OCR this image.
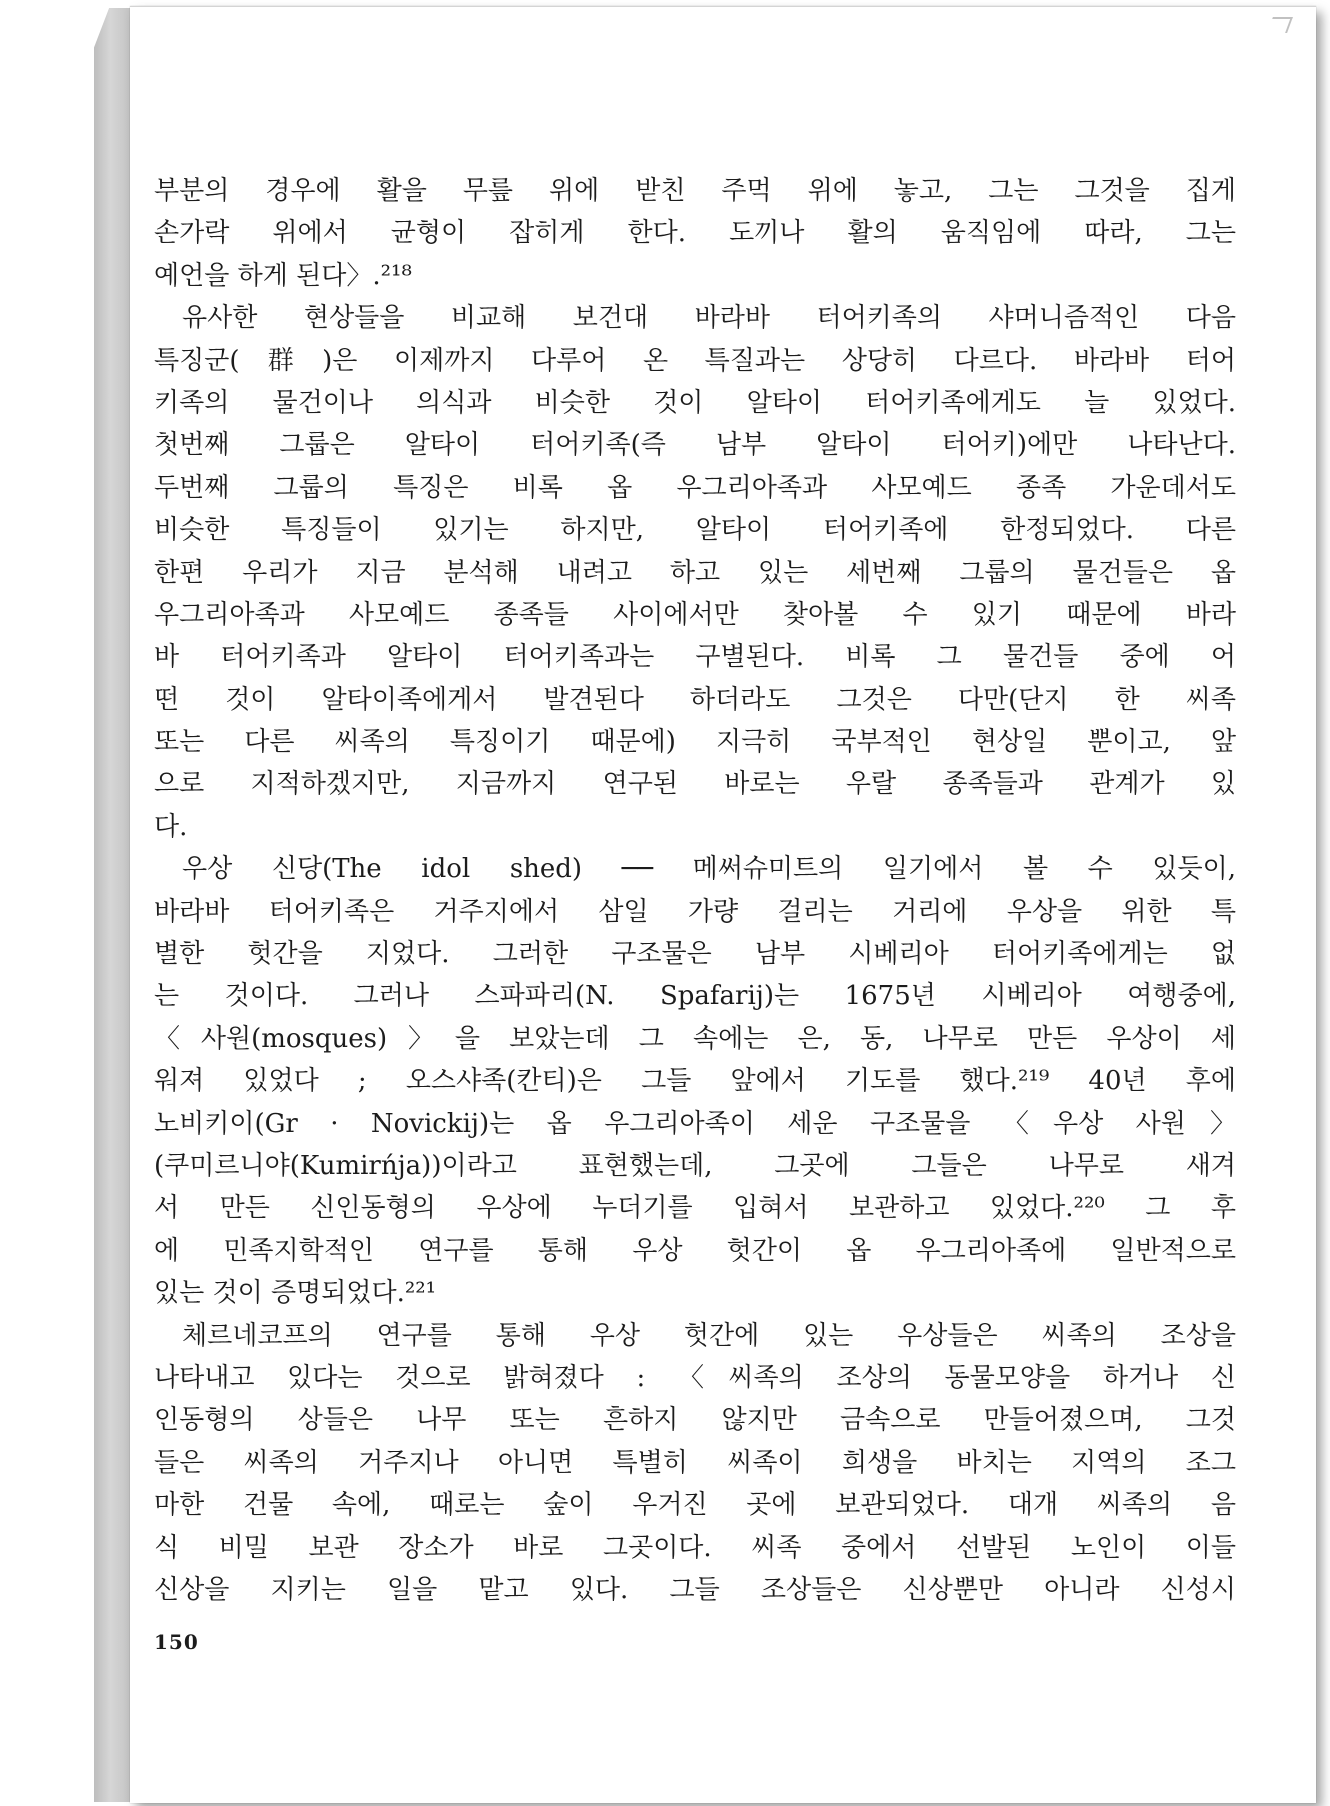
부분의 경우에 활을 무릎 위에 받친 주먹 위에 놓고, 그는 그것을 집게
손가락 위에서 균형이 잡히게 한다. 도끼나 활의 움직임에 따라, 그는
예언을 하게 된다〉.²¹⁸
유사한 현상들을 비교해 보건대 바라바 터어키족의 샤머니즘적인 다음
특징군(群)은 이제까지 다루어 온 특질과는 상당히 다르다. 바라바 터어
키족의 물건이나 의식과 비슷한 것이 알타이 터어키족에게도 늘 있었다.
첫번째 그룹은 알타이 터어키족(즉 남부 알타이 터어키)에만 나타난다.
두번째 그룹의 특징은 비록 옵 우그리아족과 사모예드 종족 가운데서도
비슷한 특징들이 있기는 하지만, 알타이 터어키족에 한정되었다. 다른
한편 우리가 지금 분석해 내려고 하고 있는 세번째 그룹의 물건들은 옵
우그리아족과 사모예드 종족들 사이에서만 찾아볼 수 있기 때문에 바라
바 터어키족과 알타이 터어키족과는 구별된다. 비록 그 물건들 중에 어
떤 것이 알타이족에게서 발견된다 하더라도 그것은 다만(단지 한 씨족
또는 다른 씨족의 특징이기 때문에) 지극히 국부적인 현상일 뿐이고, 앞
으로 지적하겠지만, 지금까지 연구된 바로는 우랄 종족들과 관계가 있
다.
우상 신당(The idol shed) ── 메써슈미트의 일기에서 볼 수 있듯이,
바라바 터어키족은 거주지에서 삼일 가량 걸리는 거리에 우상을 위한 특
별한 헛간을 지었다. 그러한 구조물은 남부 시베리아 터어키족에게는 없
는 것이다. 그러나 스파파리(N. Spafarij)는 1675년 시베리아 여행중에,
〈사원(mosques)〉을 보았는데 그 속에는 은, 동, 나무로 만든 우상이 세
워져 있었다 ; 오스샤족(칸티)은 그들 앞에서 기도를 했다.²¹⁹ 40년 후에
노비키이(Gr · Novickij)는 옵 우그리아족이 세운 구조물을 〈우상 사원〉
(쿠미르니야(Kumirńja))이라고 표현했는데, 그곳에 그들은 나무로 새겨
서 만든 신인동형의 우상에 누더기를 입혀서 보관하고 있었다.²²⁰ 그 후
에 민족지학적인 연구를 통해 우상 헛간이 옵 우그리아족에 일반적으로
있는 것이 증명되었다.²²¹
체르네코프의 연구를 통해 우상 헛간에 있는 우상들은 씨족의 조상을
나타내고 있다는 것으로 밝혀졌다 : 〈씨족의 조상의 동물모양을 하거나 신
인동형의 상들은 나무 또는 흔하지 않지만 금속으로 만들어졌으며, 그것
들은 씨족의 거주지나 아니면 특별히 씨족이 희생을 바치는 지역의 조그
마한 건물 속에, 때로는 숲이 우거진 곳에 보관되었다. 대개 씨족의 음
식 비밀 보관 장소가 바로 그곳이다. 씨족 중에서 선발된 노인이 이들
신상을 지키는 일을 맡고 있다. 그들 조상들은 신상뿐만 아니라 신성시
150
